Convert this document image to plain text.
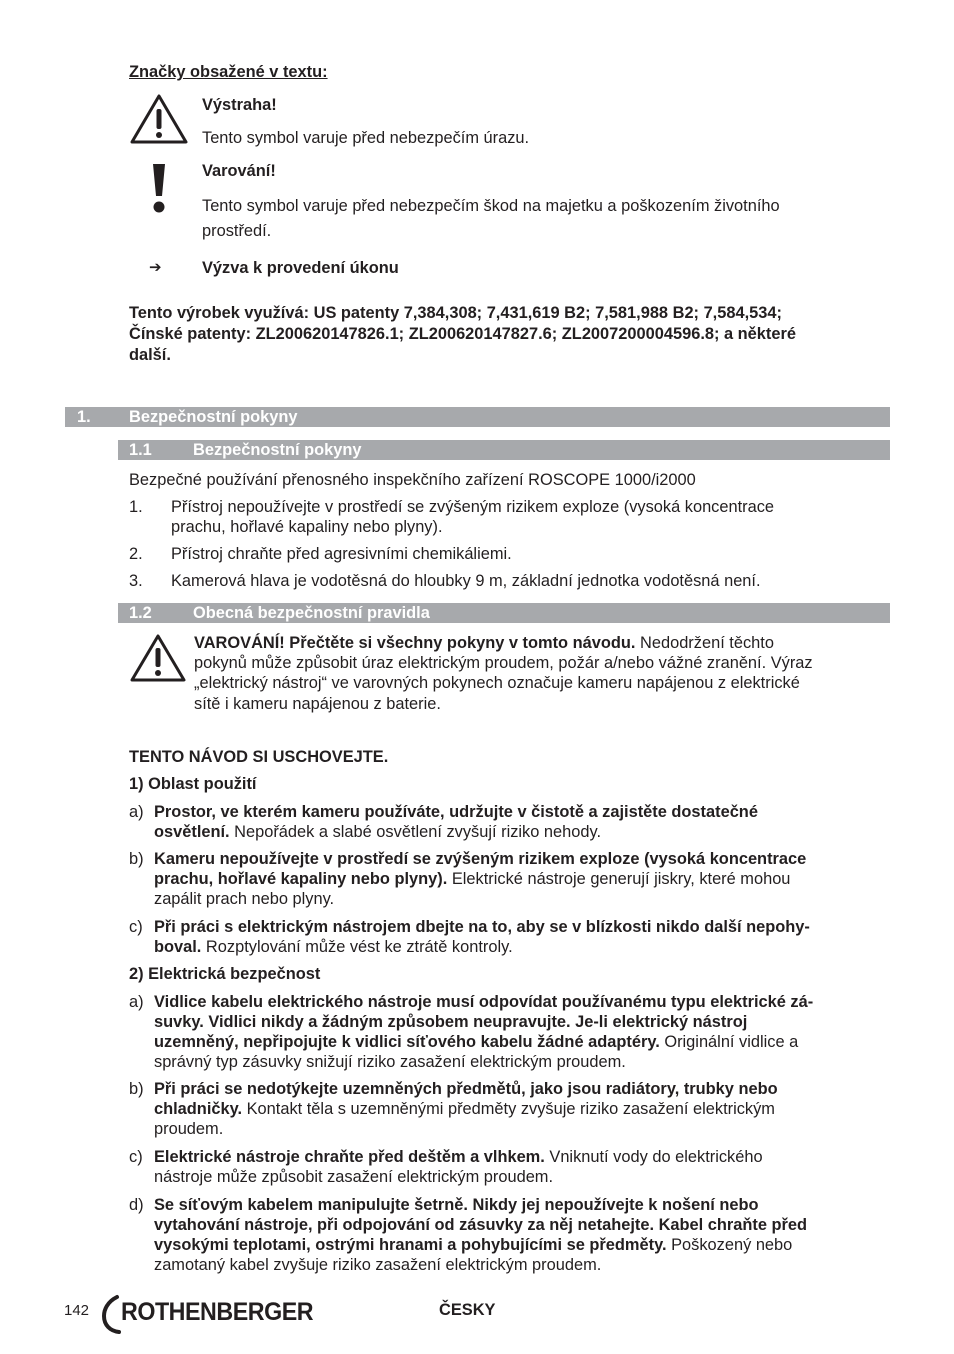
Značky obsažené v textu:
Výstraha!
Tento symbol varuje před nebezpečím úrazu.
Varování!
Tento symbol varuje před nebezpečím škod na majetku a poškozením životního
prostředí.
➔ Výzva k provedení úkonu
Tento výrobek využívá: US patenty 7,384,308; 7,431,619 B2; 7,581,988 B2; 7,584,534;
Čínské patenty: ZL200620147826.1; ZL200620147827.6; ZL2007200004596.8; a některé
další.
1. Bezpečnostní pokyny
1.1	Bezpečnostní pokyny
Bezpečné používání přenosného inspekčního zařízení ROSCOPE 1000/i2000
1. Přístroj nepoužívejte v prostředí se zvýšeným rizikem exploze (vysoká koncentrace
prachu, hořlavé kapaliny nebo plyny).
2. Přístroj chraňte před agresivními chemikáliemi.
3. Kamerová hlava je vodotěsná do hloubky 9 m, základní jednotka vodotěsná není.
1.2	Obecná bezpečnostní pravidla
VAROVÁNÍ! Přečtěte si všechny pokyny v tomto návodu. Nedodržení těchto
pokynů může způsobit úraz elektrickým proudem, požár a/nebo vážné zranění. Výraz
„elektrický nástroj“ ve varovných pokynech označuje kameru napájenou z elektrické
sítě i kameru napájenou z baterie.
TENTO NÁVOD SI USCHOVEJTE.
1) Oblast použití
a) Prostor, ve kterém kameru používáte, udržujte v čistotě a zajistěte dostatečné
osvětlení. Nepořádek a slabé osvětlení zvyšují riziko nehody.
b) Kameru nepoužívejte v prostředí se zvýšeným rizikem exploze (vysoká koncentrace
prachu, hořlavé kapaliny nebo plyny). Elektrické nástroje generují jiskry, které mohou
zapálit prach nebo plyny.
c) Při práci s elektrickým nástrojem dbejte na to, aby se v blízkosti nikdo další nepohy-
boval. Rozptylování může vést ke ztrátě kontroly.
2) Elektrická bezpečnost
a) Vidlice kabelu elektrického nástroje musí odpovídat používanému typu elektrické zá-
suvky. Vidlici nikdy a žádným způsobem neupravujte. Je-li elektrický nástroj
uzemněný, nepřipojujte k vidlici síťového kabelu žádné adaptéry. Originální vidlice a
správný typ zásuvky snižují riziko zasažení elektrickým proudem.
b) Při práci se nedotýkejte uzemněných předmětů, jako jsou radiátory, trubky nebo
chladničky. Kontakt těla s uzemněnými předměty zvyšuje riziko zasažení elektrickým
proudem.
c) Elektrické nástroje chraňte před deštěm a vlhkem. Vniknutí vody do elektrického
nástroje může způsobit zasažení elektrickým proudem.
d) Se síťovým kabelem manipulujte šetrně. Nikdy jej nepoužívejte k nošení nebo
vytahování nástroje, při odpojování od zásuvky za něj netahejte. Kabel chraňte před
vysokými teplotami, ostrými hranami a pohybujícími se předměty. Poškozený nebo
zamotaný kabel zvyšuje riziko zasažení elektrickým proudem.
142 ROTHENBERGER	ČESKY
